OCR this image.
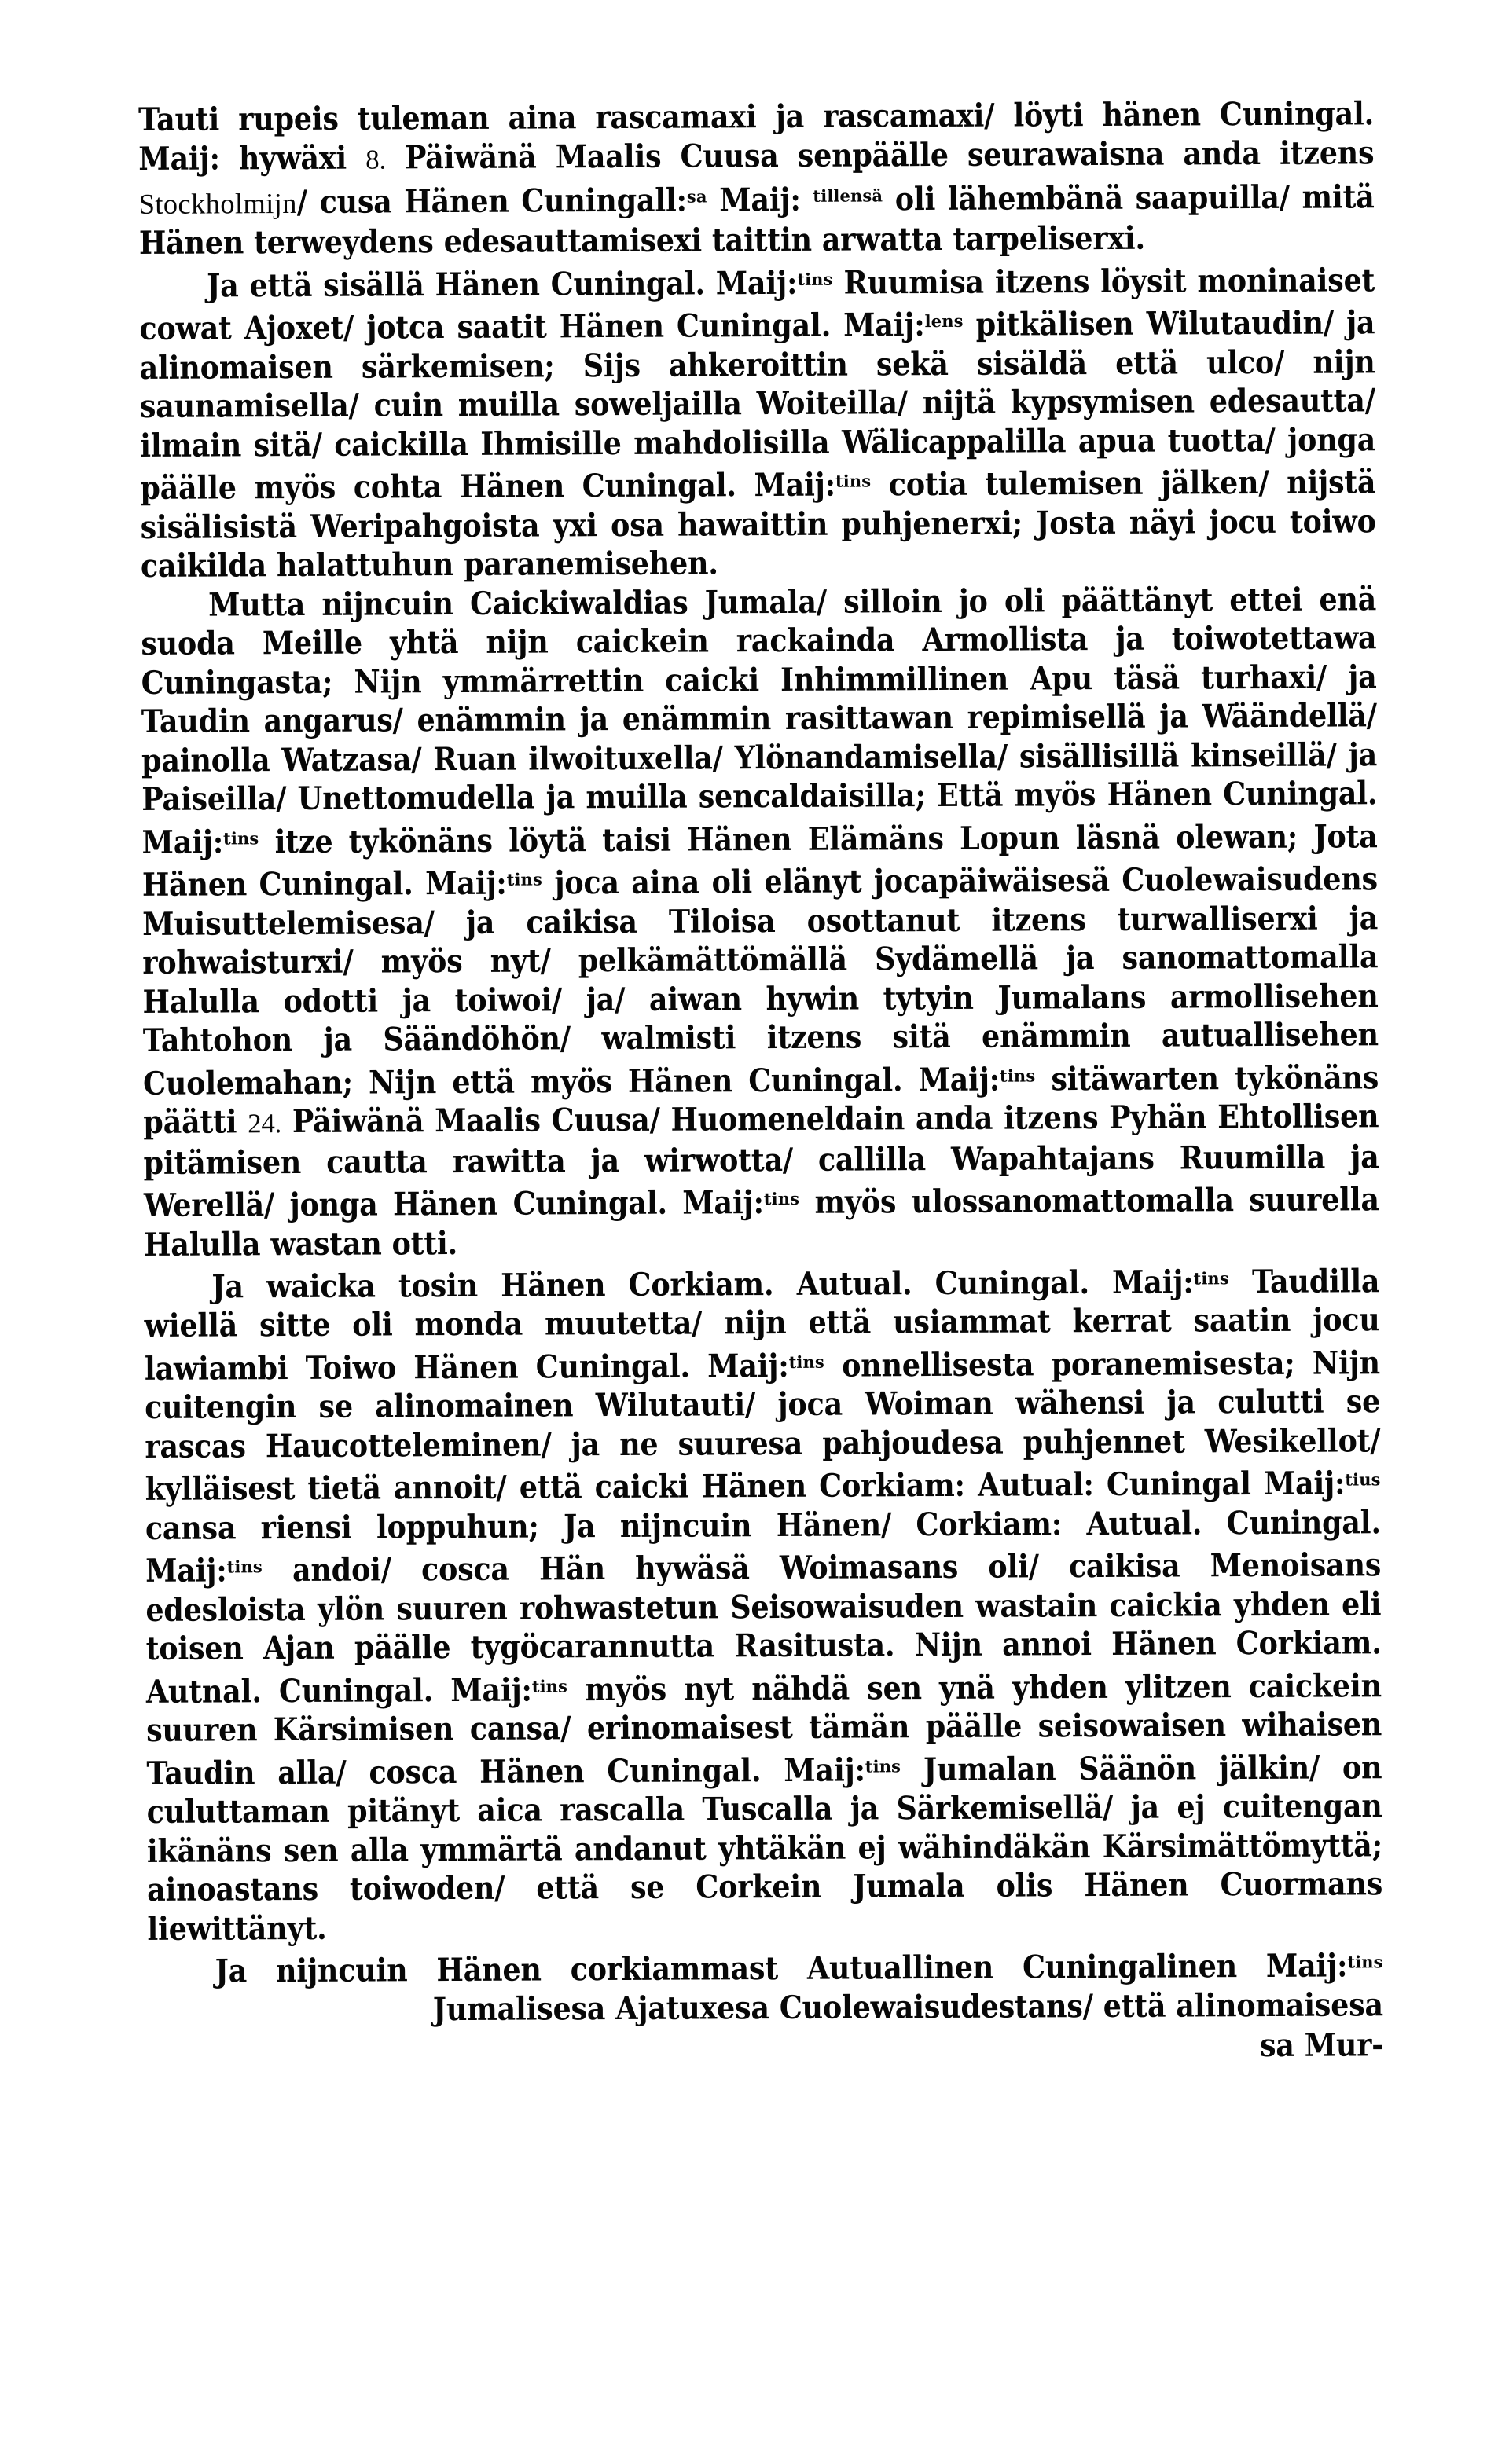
Tauti rupeis tuleman aina rascamaxi ja rascamaxi/ löyti hänen Cuningal. Maij: hywäxi 8. Päiwänä Maalis Cuusa senpäälle seurawaisna anda itzens Stockholmijn/ cusa Hänen Cuningall:$^{sa}$ Maij: $^{tillensä}$ oli lähembänä saapuilla/ mitä Hänen terweydens edesauttamisexi taittin arwatta tarpeliserxi.

Ja että sisällä Hänen Cuningal. Maij:$^{tins}$ Ruumisa itzens löysit moninaiset cowat Ajoxet/ jotca saatit Hänen Cuningal. Maij:$^{lens}$ pitkälisen Wilutaudin/ ja alinomaisen särkemisen; Sijs ahkeroittin sekä sisäldä että ulco/ nijn saunamisella/ cuin muilla soweljailla Woiteilla/ nijtä kypsymisen edesautta/ ilmain sitä/ caickilla Ihmisille mahdolisilla Wälicappalilla apua tuotta/ jonga päälle myös cohta Hänen Cuningal. Maij:$^{tins}$ cotia tulemisen jälken/ nijstä sisälisistä Weripahgoista yxi osa hawaittin puhjenerxi; Josta näyi jocu toiwo caikilda halattuhun paranemisehen.

Mutta nijncuin Caickiwaldias Jumala/ silloin jo oli päättänyt ettei enä suoda Meille yhtä nijn caickein rackainda Armollista ja toiwotettawa Cuningasta; Nijn ymmärrettin caicki Inhimmillinen Apu täsä turhaxi/ ja Taudin angarus/ enämmin ja enämmin rasittawan repimisellä ja Wäändellä/ painolla Watzasa/ Ruan ilwoituxella/ Ylönandamisella/ sisällisillä kinseillä/ ja Paiseilla/ Unettomudella ja muilla sencaldaisilla; Että myös Hänen Cuningal. Maij:$^{tins}$ itze tykönäns löytä taisi Hänen Elämäns Lopun läsnä olewan; Jota Hänen Cuningal. Maij:$^{tins}$ joca aina oli elänyt jocapäiwäisesä Cuolewaisudens Muisuttelemisesa/ ja caikisa Tiloisa osottanut itzens turwalliserxi ja rohwaisturxi/ myös nyt/ pelkämättömällä Sydämellä ja sanomattomalla Halulla odotti ja toiwoi/ ja/ aiwan hywin tytyin Jumalans armollisehen Tahtohon ja Säändöhön/ walmisti itzens sitä enämmin autuallisehen Cuolemahan; Nijn että myös Hänen Cuningal. Maij:$^{tins}$ sitäwarten tykönäns päätti 24. Päiwänä Maalis Cuusa/ Huomeneldain anda itzens Pyhän Ehtollisen pitämisen cautta rawitta ja wirwotta/ callilla Wapahtajans Ruumilla ja Werellä/ jonga Hänen Cuningal. Maij:$^{tins}$ myös ulossanomattomalla suurella Halulla wastan otti.

Ja waicka tosin Hänen Corkiam. Autual. Cuningal. Maij:$^{tins}$ Taudilla wiellä sitte oli monda muutetta/ nijn että usiammat kerrat saatin jocu lawiambi Toiwo Hänen Cuningal. Maij:$^{tins}$ onnellisesta poranemisesta; Nijn cuitengin se alinomainen Wilutauti/ joca Woiman wähensi ja culutti se rascas Haucotteleminen/ ja ne suuresa pahjoudesa puhjennet Wesikellot/ kylläisest tietä annoit/ että caicki Hänen Corkiam: Autual: Cuningal Maij:$^{tius}$ cansa riensi loppuhun; Ja nijncuin Hänen/ Corkiam: Autual. Cuningal. Maij:$^{tins}$ andoi/ cosca Hän hywäsä Woimasans oli/ caikisa Menoisans edesloista ylön suuren rohwastetun Seisowaisuden wastain caickia yhden eli toisen Ajan päälle tygöcarannutta Rasitusta. Nijn annoi Hänen Corkiam. Autnal. Cuningal. Maij:$^{tins}$ myös nyt nähdä sen ynä yhden ylitzen caickein suuren Kärsimisen cansa/ erinomaisest tämän päälle seisowaisen wihaisen Taudin alla/ cosca Hänen Cuningal. Maij:$^{tins}$ Jumalan Säänön jälkin/ on culuttaman pitänyt aica rascalla Tuscalla ja Särkemisellä/ ja ej cuitengan ikänäns sen alla ymmärtä andanut yhtäkän ej wähindäkän Kärsimättömyttä; ainoastans toiwoden/ että se Corkein Jumala olis Hänen Cuormans liewittänyt.

Ja nijncuin Hänen corkiammast Autuallinen Cuningalinen Maij:$^{tins}$ Jumalisesa Ajatuxesa Cuolewaisudestans/ että alinomaisesa
sa Mur-
